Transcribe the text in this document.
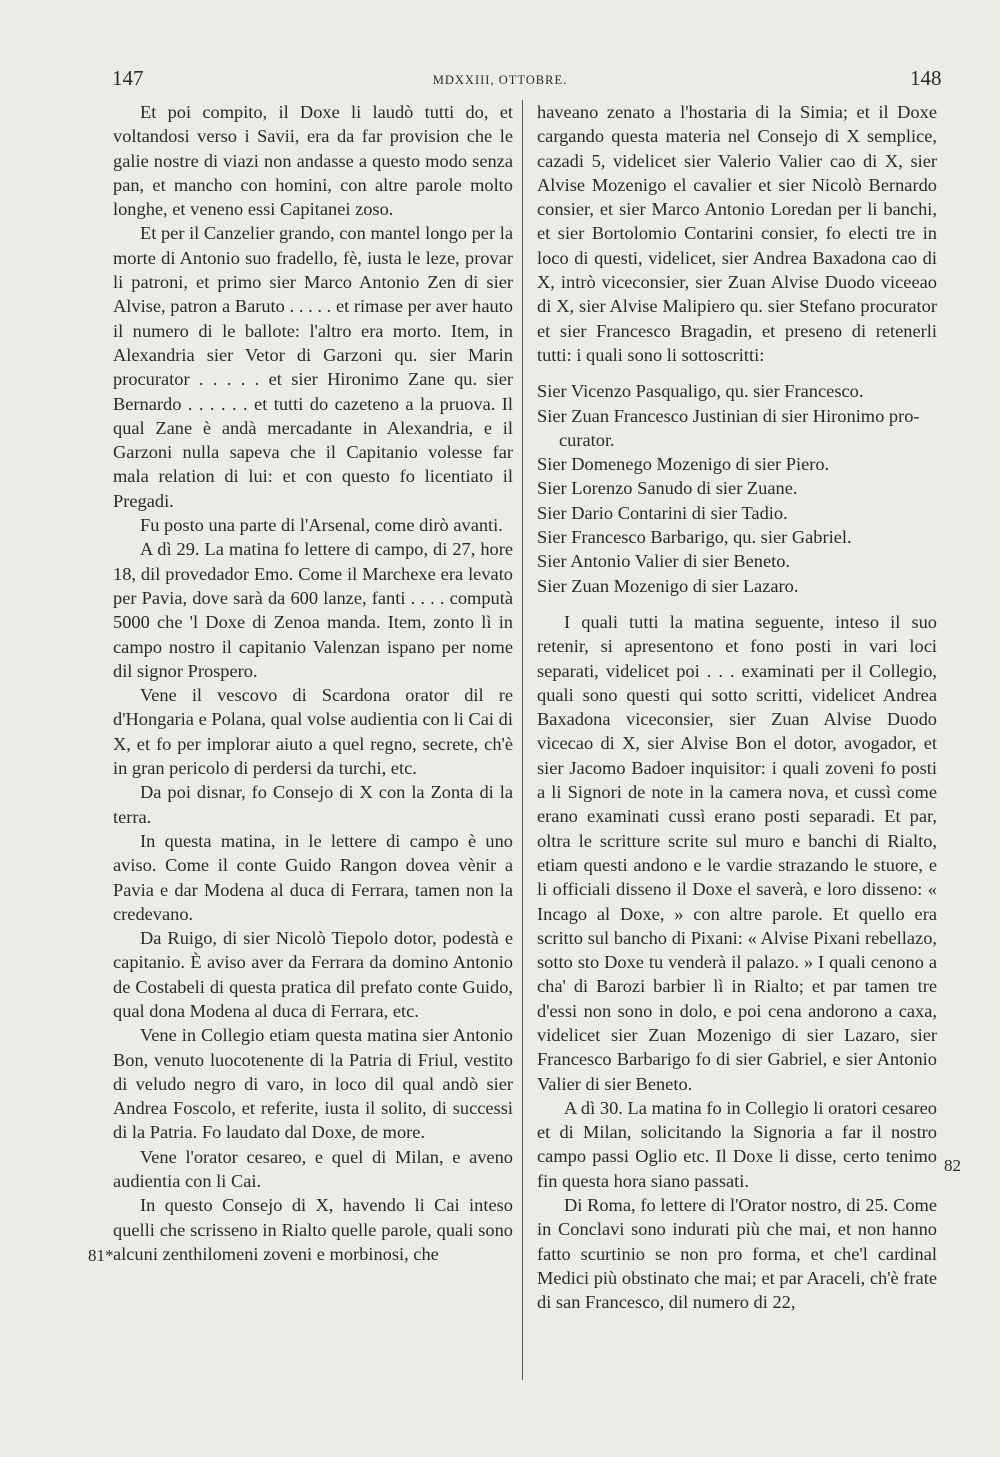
147	MDXXIII, OTTOBRE.	148

Et poi compito, il Doxe li laudò tutti do, et voltandosi verso i Savii, era da far provision che le galie nostre di viazi non andasse a questo modo senza pan, et mancho con homini, con altre parole molto longhe, et veneno essi Capitanei zoso.

Et per il Canzelier grando, con mantel longo per la morte di Antonio suo fradello, fè, iusta le leze, provar li patroni, et primo sier Marco Antonio Zen di sier Alvise, patron a Baruto . . . . . et rimase per aver hauto il numero di le ballote: l'altro era morto. Item, in Alexandria sier Vetor di Garzoni qu. sier Marin procurator . . . . . et sier Hironimo Zane qu. sier Bernardo . . . . . . et tutti do cazeteno a la pruova. Il qual Zane è andà mercadante in Alexandria, e il Garzoni nulla sapeva che il Capitanio volesse far mala relation di lui: et con questo fo licentiato il Pregadi.

Fu posto una parte di l'Arsenal, come dirò avanti.

A dì 29. La matina fo lettere di campo, di 27, hore 18, dil provedador Emo. Come il Marchexe era levato per Pavia, dove sarà da 600 lanze, fanti . . . . computà 5000 che 'l Doxe di Zenoa manda. Item, zonto lì in campo nostro il capitanio Valenzan ispano per nome dil signor Prospero.

Vene il vescovo di Scardona orator dil re d'Hongaria e Polana, qual volse audientia con li Cai di X, et fo per implorar aiuto a quel regno, secrete, ch'è in gran pericolo di perdersi da turchi, etc.

Da poi disnar, fo Consejo di X con la Zonta di la terra.

In questa matina, in le lettere di campo è uno aviso. Come il conte Guido Rangon dovea vènir a Pavia e dar Modena al duca di Ferrara, tamen non la credevano.

Da Ruigo, di sier Nicolò Tiepolo dotor, podestà e capitanio. È aviso aver da Ferrara da domino Antonio de Costabeli di questa pratica dil prefato conte Guido, qual dona Modena al duca di Ferrara, etc.

Vene in Collegio etiam questa matina sier Antonio Bon, venuto luocotenente di la Patria di Friul, vestito di veludo negro di varo, in loco dil qual andò sier Andrea Foscolo, et referite, iusta il solito, di successi di la Patria. Fo laudato dal Doxe, de more.

Vene l'orator cesareo, e quel di Milan, e aveno audientia con li Cai.

In questo Consejo di X, havendo li Cai inteso quelli che scrisseno in Rialto quelle parole, quali sono alcuni zenthilomeni zoveni e morbinosi, che

haveano zenato a l'hostaria di la Simia; et il Doxe cargando questa materia nel Consejo di X semplice, cazadi 5, videlicet sier Valerio Valier cao di X, sier Alvise Mozenigo el cavalier et sier Nicolò Bernardo consier, et sier Marco Antonio Loredan per li banchi, et sier Bortolomio Contarini consier, fo electi tre in loco di questi, videlicet, sier Andrea Baxadona cao di X, intrò viceconsier, sier Zuan Alvise Duodo viceeao di X, sier Alvise Malipiero qu. sier Stefano procurator et sier Francesco Bragadin, et preseno di retenerli tutti: i quali sono li sottoscritti:

Sier Vicenzo Pasqualigo, qu. sier Francesco.

Sier Zuan Francesco Justinian di sier Hironimo pro-

curator.

Sier Domenego Mozenigo di sier Piero.

Sier Lorenzo Sanudo di sier Zuane.

Sier Dario Contarini di sier Tadio.

Sier Francesco Barbarigo, qu. sier Gabriel.

Sier Antonio Valier di sier Beneto.

Sier Zuan Mozenigo di sier Lazaro.

I quali tutti la matina seguente, inteso il suo retenir, si apresentono et fono posti in vari loci separati, videlicet poi . . . examinati per il Collegio, quali sono questi qui sotto scritti, videlicet Andrea Baxadona viceconsier, sier Zuan Alvise Duodo vicecao di X, sier Alvise Bon el dotor, avogador, et sier Jacomo Badoer inquisitor: i quali zoveni fo posti a li Signori de note in la camera nova, et cussì come erano examinati cussì erano posti separadi. Et par, oltra le scritture scrite sul muro e banchi di Rialto, etiam questi andono e le vardie strazando le stuore, e li officiali disseno il Doxe el saverà, e loro disseno: « Incago al Doxe, » con altre parole. Et quello era scritto sul bancho di Pixani: « Alvise Pixani rebellazo, sotto sto Doxe tu venderà il palazo. » I quali cenono a cha' di Barozi barbier lì in Rialto; et par tamen tre d'essi non sono in dolo, e poi cena andorono a caxa, videlicet sier Zuan Mozenigo di sier Lazaro, sier Francesco Barbarigo fo di sier Gabriel, e sier Antonio Valier di sier Beneto.

A dì 30. La matina fo in Collegio li oratori cesareo et di Milan, solicitando la Signoria a far il nostro campo passi Oglio etc. Il Doxe li disse, certo tenimo fin questa hora siano passati.

Di Roma, fo lettere di l'Orator nostro, di 25. Come in Conclavi sono indurati più che mai, et non hanno fatto scurtinio se non pro forma, et che'l cardinal Medici più obstinato che mai; et par Araceli, ch'è frate di san Francesco, dil numero di 22,

81*
82
